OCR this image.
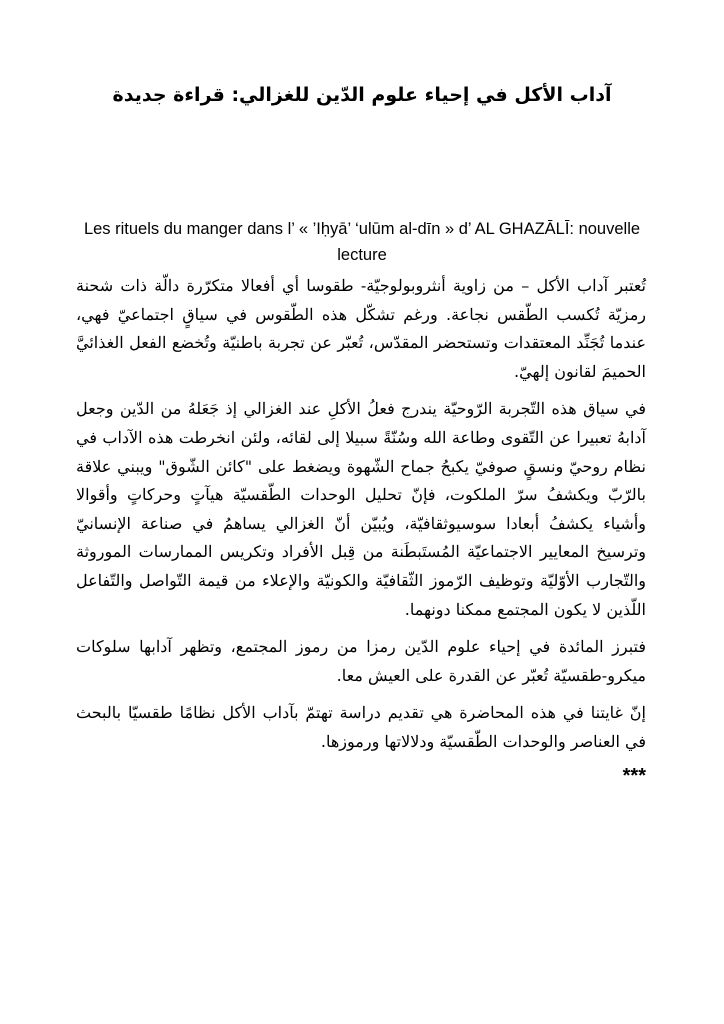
آداب الأكل في إحياء علوم الدّين للغزالي: قراءة جديدة
Les rituels du manger dans l’ « ’Iḥyā’ ‘ulūm al-dīn » d’ AL GHAZĀLĪ: nouvelle lecture

تُعتبر آداب الأكل – من زاوية أنثروبولوجيّة- طقوسا أي أفعالا متكرّرة دالّة ذات شحنة رمزيّة تُكسب الطّقس نجاعة. ورغم تشكّل هذه الطّقوس في سياقٍ اجتماعيّ فهي، عندما تُجَنِّد المعتقدات وتستحضر المقدّس، تُعبّر عن تجربة باطنيّة وتُخضع الفعل الغذائيَّ الحميمَ لقانون إلهيّ.

في سياق هذه التّجربة الرّوحيّة يندرج فعلُ الأكلِ عند الغزالي إذ جَعَلهُ من الدّين وجعل آدابهُ تعبيرا عن التّقوى وطاعة الله وسُنّةً سبيلا إلى لقائه، ولئن انخرطت هذه الآداب في نظام روحيّ ونسقٍ صوفيّ يكبحُ جماح الشّهوة ويضغط على "كائن الشّوق" ويبني علاقة بالرّبّ ويكشفُ سرّ الملكوت، فإنّ تحليل الوحدات الطّقسيّة هيآتٍ وحركاتٍ وأقوالا وأشياء يكشفُ أبعادا سوسيوثقافيّة، ويُبيّن أنّ الغزالي يساهمُ في صناعة الإنسانيّ وترسيخ المعايير الاجتماعيّة المُستَبطَنة من قِبل الأفراد وتكريس الممارسات الموروثة والتّجارب الأوّليّة وتوظيف الرّموز الثّقافيّة والكونيّة والإعلاء من قيمة التّواصل والتّفاعل اللّذين لا يكون المجتمع ممكنا دونهما.

فتبرز المائدة في إحياء علوم الدّين رمزا من رموز المجتمع، وتظهر آدابها سلوكات ميكرو-طقسيّة تُعبّر عن القدرة على العيش معا.

إنّ غايتنا في هذه المحاضرة هي تقديم دراسة تهتمّ بآداب الأكل نظامًا طقسيّا بالبحث في العناصر والوحدات الطّقسيّة ودلالاتها ورموزها.

***
